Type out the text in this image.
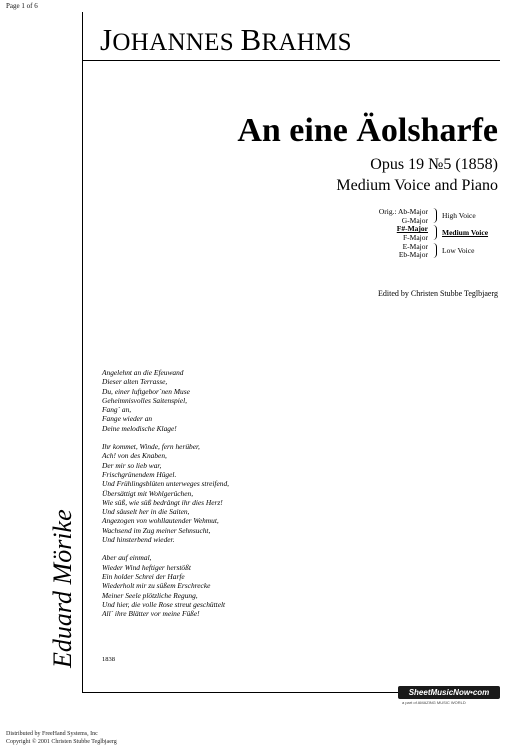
Page 1 of 6
JOHANNES BRAHMS
An eine Äolsharfe
Opus 19 №5 (1858)
Medium Voice and Piano
Orig.: Ab-Major
G-Major
High Voice
F#-Major
F-Major
Medium Voice
E-Major
Eb-Major
Low Voice
Edited by Christen Stubbe Teglbjaerg
Angelehnt an die Efeuwand
Dieser alten Terrasse,
Du, einer luftgebor´nen Muse
Geheimnisvolles Saitenspiel,
Fang´ an,
Fange wieder an
Deine melodische Klage!
Ihr kommet, Winde, fern herüber,
Ach! von des Knaben,
Der mir so lieb war,
Frischgrünendem Hügel.
Und Frühlingsblüten unterweges streifend,
Übersättigt mit Wohlgerüchen,
Wie süß, wie süß bedrängt ihr dies Herz!
Und säuselt her in die Saiten,
Angezogen von wohllautender Wehmut,
Wachsend im Zug meiner Sehnsucht,
Und hinsterbend wieder.
Aber auf einmal,
Wieder Wind heftiger herstößt
Ein holder Schrei der Harfe
Wiederholt mir zu süßem Erschrecke
Meiner Seele plötzliche Regung,
Und hier, die volle Rose streut geschüttelt
All´ ihre Blätter vor meine Füße!
1838
Eduard Mörike
SheetMusicNow•com
a part of AMAZING MUSIC WORLD
Distributed by FreeHand Systems, Inc
Copyright © 2001 Christen Stubbe Teglbjaerg
